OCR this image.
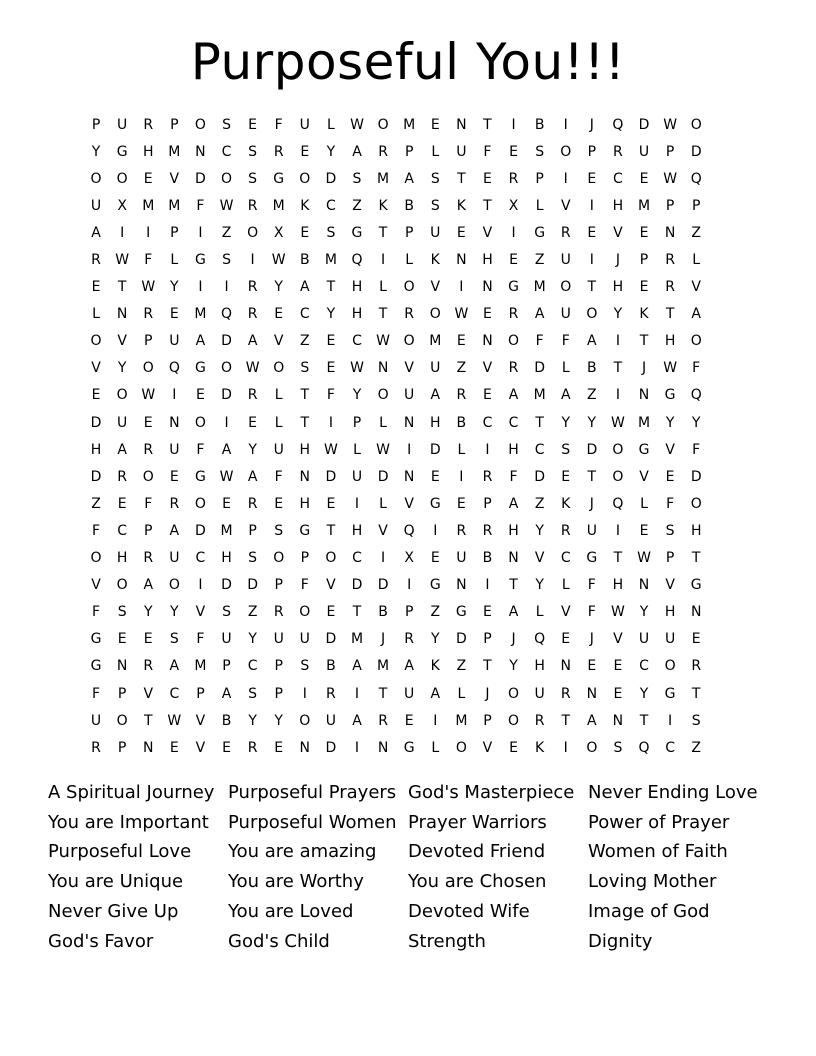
Purposeful You!!!
P	U	R	P	O	S	E	F	U	L	W O	M	E	N	T	I	B	I	J	Q	D W O
Y	G	H	M	N	C	S	R	E	Y	A	R	P	L	U	F	E	S	O	P	R	U	P	D
O	O	E	V	D	O	S	G	O	D	S	M	A	S	T	E	R	P	I	E	C	E	W Q
U	X	M	M	F	W	R	M	K	C	Z	K	B	S	K	T	X	L	V	I	H	M	P	P
A	I	I	P	I	Z	O	X	E	S	G	T	P	U	E	V	I	G	R	E	V	E	N	Z
R	W	F	L	G	S	I	W	B	M	Q	I	L	K	N	H	E	Z	U	I	J	P	R	L
E	T	W	Y	I	I	R	Y	A	T	H	L	O	V	I	N	G	M	O	T	H	E	R	V
L	N	R	E	M	Q	R	E	C	Y	H	T	R	O W	E	R	A	U	O	Y	K	T	A
O	V	P	U	A	D	A	V	Z	E	C	W O	M	E	N	O	F	F	A	I	T	H	O
V	Y	O	Q	G	O W O	S	E	W N	V	U	Z	V	R	D	L	B	T	J	W	F
E	O W	I	E	D	R	L	T	F	Y	O	U	A	R	E	A	M	A	Z	I	N	G	Q
D	U	E	N	O	I	E	L	T	I	P	L	N	H	B	C	C	T	Y	Y	W M	Y	Y
H	A	R	U	F	A	Y	U	H W	L	W	I	D	L	I	H	C	S	D	O	G	V	F
D	R	O	E	G W	A	F	N	D	U	D	N	E	I	R	F	D	E	T	O	V	E	D
Z	E	F	R	O	E	R	E	H	E	I	L	V	G	E	P	A	Z	K	J	Q	L	F	O
F	C	P	A	D	M	P	S	G	T	H	V	Q	I	R	R	H	Y	R	U	I	E	S	H
O	H	R	U	C	H	S	O	P	O	C	I	X	E	U	B	N	V	C	G	T	W	P	T
V	O	A	O	I	D	D	P	F	V	D	D	I	G	N	I	T	Y	L	F	H	N	V	G
F	S	Y	Y	V	S	Z	R	O	E	T	B	P	Z	G	E	A	L	V	F	W	Y	H	N
G	E	E	S	F	U	Y	U	U	D	M	J	R	Y	D	P	J	Q	E	J	V	U	U	E
G	N	R	A	M	P	C	P	S	B	A	M	A	K	Z	T	Y	H	N	E	E	C	O	R
F	P	V	C	P	A	S	P	I	R	I	T	U	A	L	J	O	U	R	N	E	Y	G	T
U	O	T	W	V	B	Y	Y	O	U	A	R	E	I	M	P	O	R	T	A	N	T	I	S
R	P	N	E	V	E	R	E	N	D	I	N	G	L	O	V	E	K	I	O	S	Q	C	Z
A Spiritual Journey
You are Important
Purposeful Love
You are Unique
Never Give Up
God's Favor
Purposeful Prayers
Purposeful Women
You are amazing
You are Worthy
You are Loved
God's Child
God's Masterpiece
Prayer Warriors
Devoted Friend
You are Chosen
Devoted Wife
Strength
Never Ending Love
Power of Prayer
Women of Faith
Loving Mother
Image of God
Dignity
